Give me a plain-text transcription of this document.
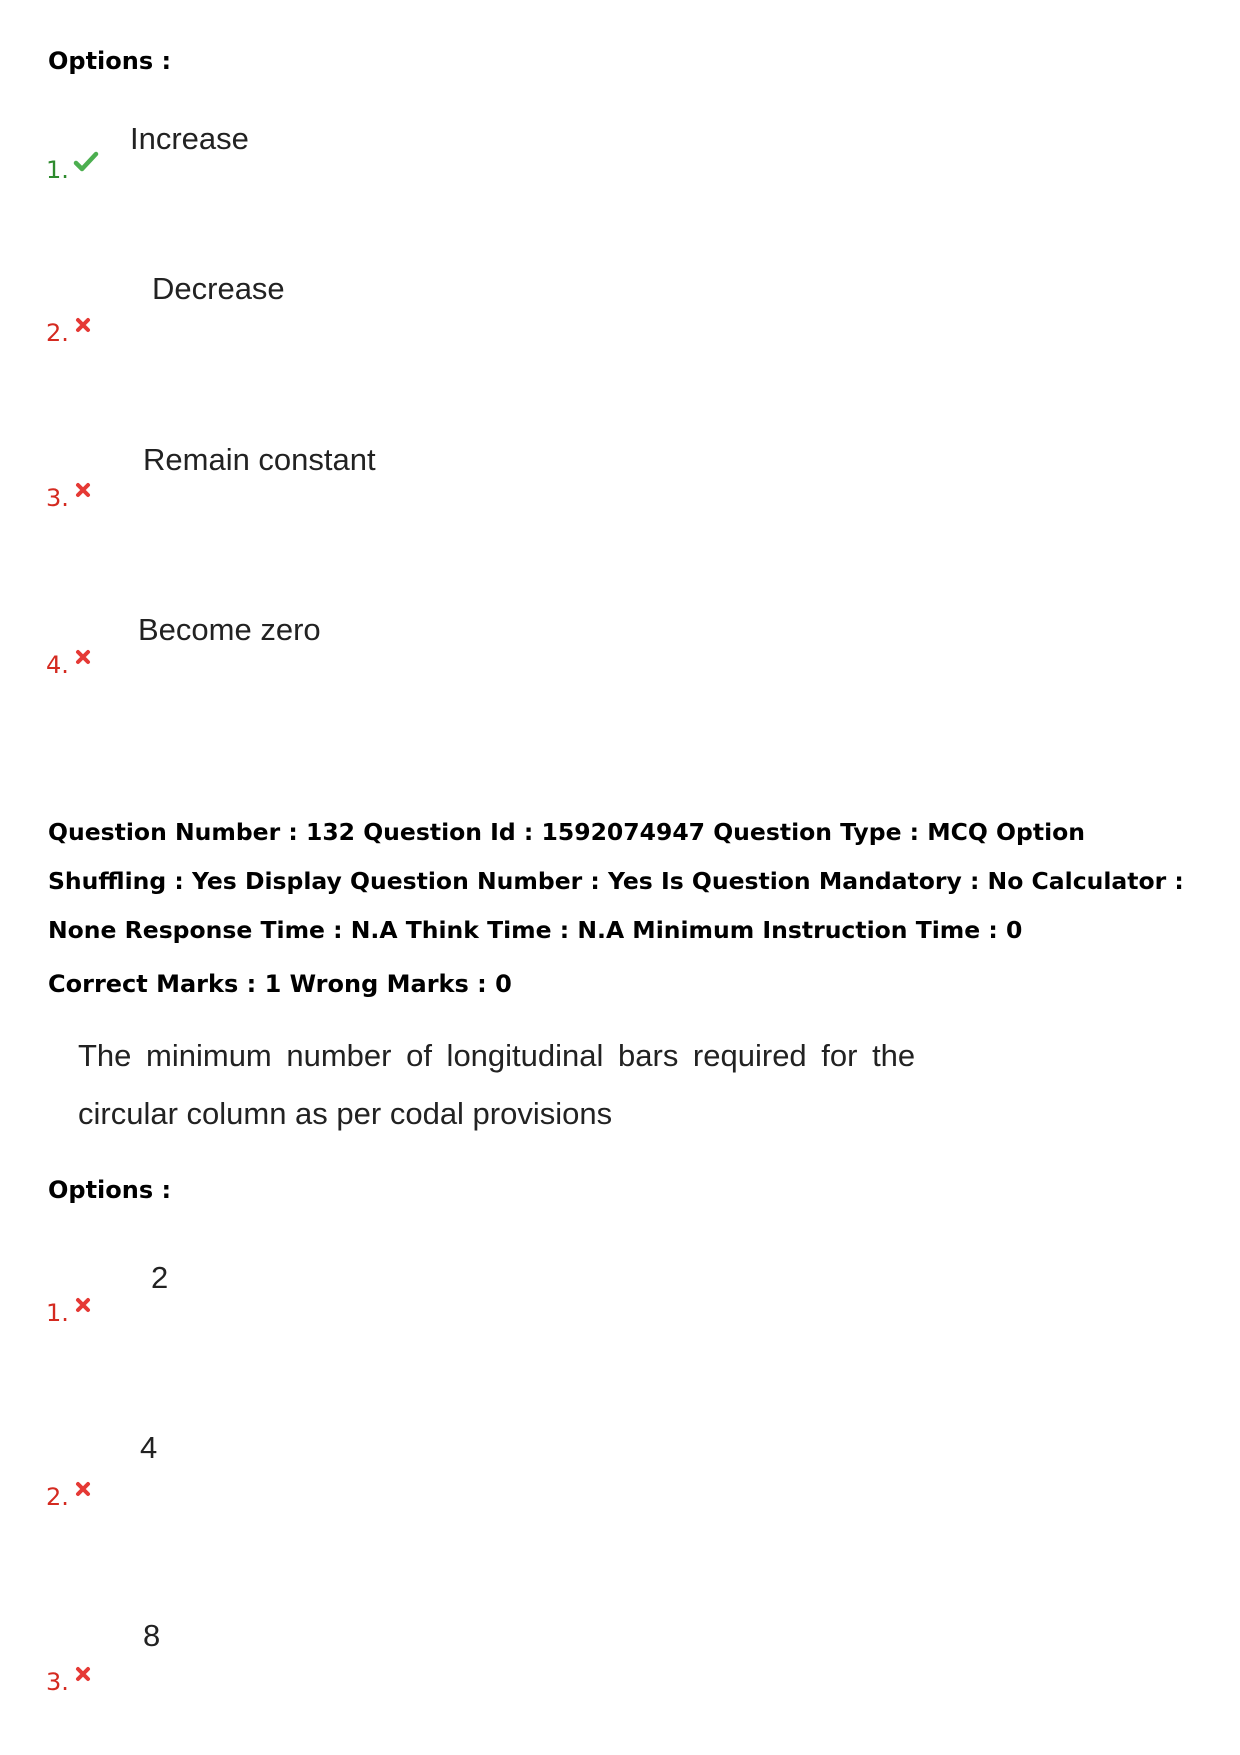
Options :
1.
Increase
2.
Decrease
3.
Remain constant
4.
Become zero
Question Number : 132 Question Id : 1592074947 Question Type : MCQ Option Shuffling : Yes Display Question Number : Yes Is Question Mandatory : No Calculator : None Response Time : N.A Think Time : N.A Minimum Instruction Time : 0
Correct Marks : 1 Wrong Marks : 0
The minimum number of longitudinal bars required for the
circular column as per codal provisions
Options :
1.
2
2.
4
3.
8
